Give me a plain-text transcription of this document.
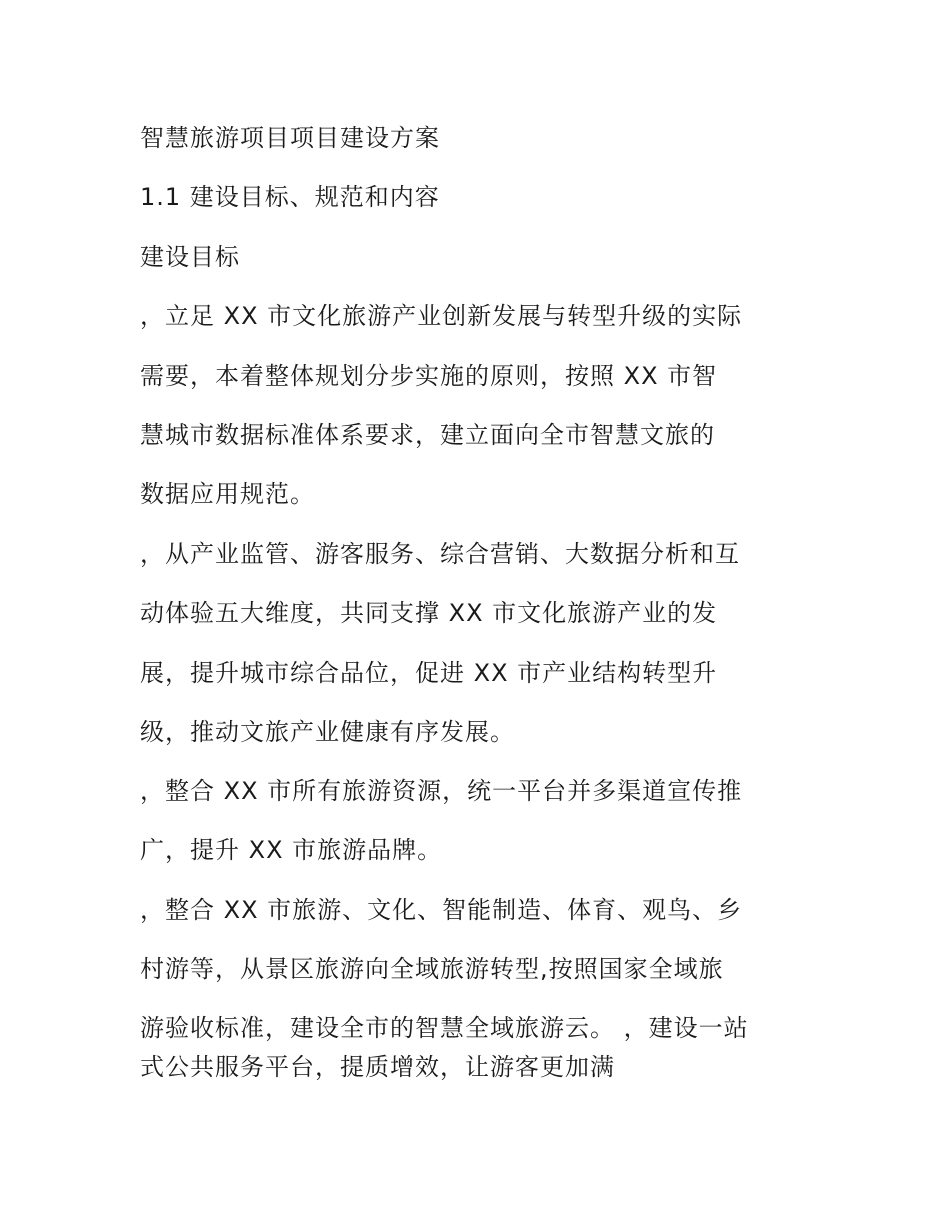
智慧旅游项目项目建设方案

1.1 建设目标、规范和内容

建设目标

，立足 XX 市文化旅游产业创新发展与转型升级的实际

需要，本着整体规划分步实施的原则，按照 XX 市智

慧城市数据标准体系要求，建立面向全市智慧文旅的

数据应用规范。

，从产业监管、游客服务、综合营销、大数据分析和互

动体验五大维度，共同支撑 XX 市文化旅游产业的发

展，提升城市综合品位，促进 XX 市产业结构转型升

级，推动文旅产业健康有序发展。

，整合 XX 市所有旅游资源，统一平台并多渠道宣传推

广，提升 XX 市旅游品牌。

，整合 XX 市旅游、文化、智能制造、体育、观鸟、乡

村游等，从景区旅游向全域旅游转型,按照国家全域旅

游验收标准，建设全市的智慧全域旅游云。 ，建设一站

式公共服务平台，提质增效，让游客更加满
